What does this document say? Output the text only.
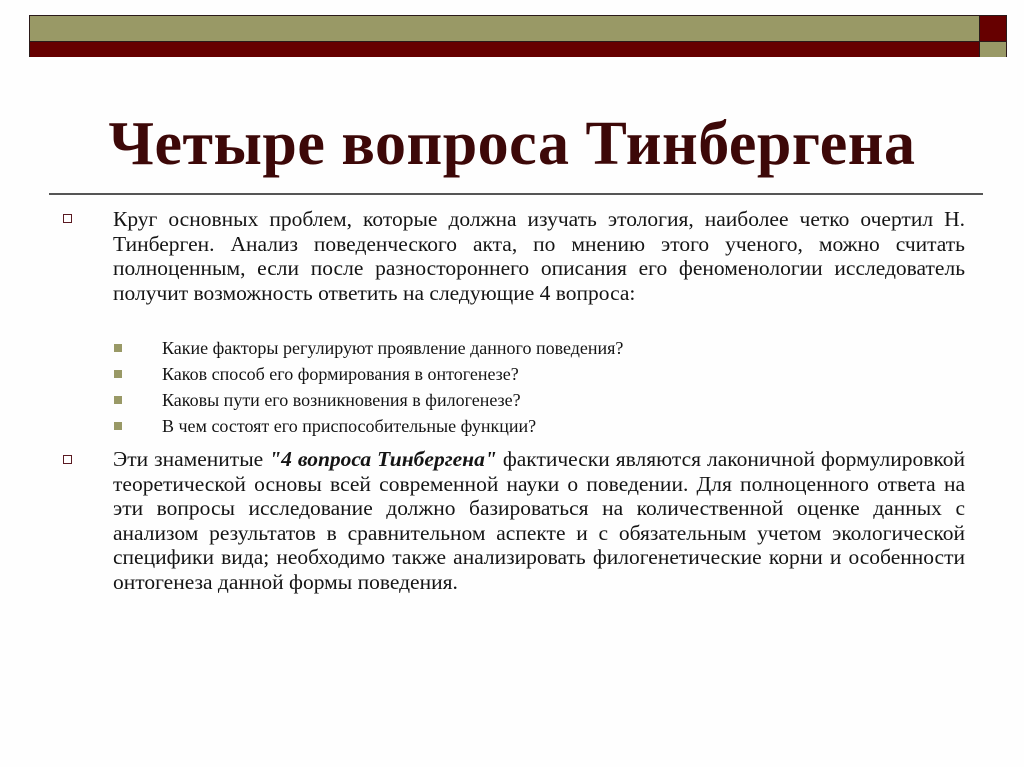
Четыре вопроса Тинбергена
Круг основных проблем, которые должна изучать этология, наиболее четко очертил Н. Тинберген. Анализ поведенческого акта, по мнению этого ученого, можно считать полноценным, если после разностороннего описания его феноменологии исследователь получит возможность ответить на следующие 4 вопроса:
Какие факторы регулируют проявление данного поведения?
Каков способ его формирования в онтогенезе?
Каковы пути его возникновения в филогенезе?
В чем состоят его приспособительные функции?
Эти знаменитые "4 вопроса Тинбергена" фактически являются лаконичной формулировкой теоретической основы всей современной науки о поведении. Для полноценного ответа на эти вопросы исследование должно базироваться на количественной оценке данных с анализом результатов в сравнительном аспекте и с обязательным учетом экологической специфики вида; необходимо также анализировать филогенетические корни и особенности онтогенеза данной формы поведения.
